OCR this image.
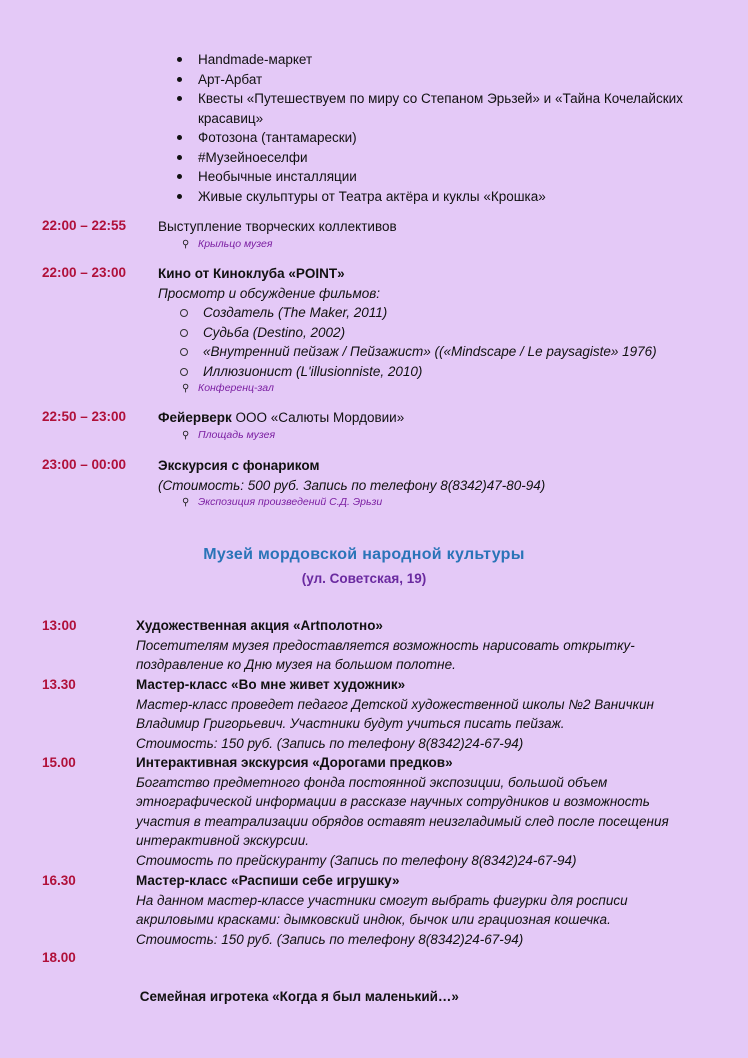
Handmade-маркет
Арт-Арбат
Квесты «Путешествуем по миру со Степаном Эрьзей» и «Тайна Кочелайских красавиц»
Фотозона (тантамарески)
#Музейноеселфи
Необычные инсталляции
Живые скульптуры от Театра актёра и куклы «Крошка»
22:00 – 22:55 Выступление творческих коллективов
⚲ Крыльцо музея
22:00 – 23:00 Кино от Киноклуба «POINT»
Просмотр и обсуждение фильмов:
Создатель (The Maker, 2011)
Судьба (Destino, 2002)
«Внутренний пейзаж / Пейзажист» ((«Mindscape / Le paysagiste» 1976)
Иллюзионист (L'illusionniste, 2010)
⚲ Конференц-зал
22:50 – 23:00 Фейерверк ООО «Салюты Мордовии»
⚲ Площадь музея
23:00 – 00:00 Экскурсия с фонариком
(Стоимость: 500 руб. Запись по телефону 8(8342)47-80-94)
⚲ Экспозиция произведений С.Д. Эрьзи
Музей мордовской народной культуры
(ул. Советская, 19)
13:00	Художественная акция «Artполотно»
Посетителям музея предоставляется возможность нарисовать открытку-
поздравление ко Дню музея на большом полотне.
13.30	Мастер-класс «Во мне живет художник»
Мастер-класс проведет педагог Детской художественной школы №2 Ваничкин
Владимир Григорьевич. Участники будут учиться писать пейзаж.
Стоимость: 150 руб. (Запись по телефону 8(8342)24-67-94)
15.00	Интерактивная экскурсия «Дорогами предков»
Богатство предметного фонда постоянной экспозиции, большой объем
этнографической информации в рассказе научных сотрудников и возможность
участия в театрализации обрядов оставят неизгладимый след после посещения
интерактивной экскурсии.
Стоимость по прейскуранту (Запись по телефону 8(8342)24-67-94)
16.30	Мастер-класс «Распиши себе игрушку»
На данном мастер-классе участники смогут выбрать фигурки для росписи
акриловыми красками: дымковский индюк, бычок или грациозная кошечка.
Стоимость: 150 руб. (Запись по телефону 8(8342)24-67-94)
18.00

Семейная игротека «Когда я был маленький…»
